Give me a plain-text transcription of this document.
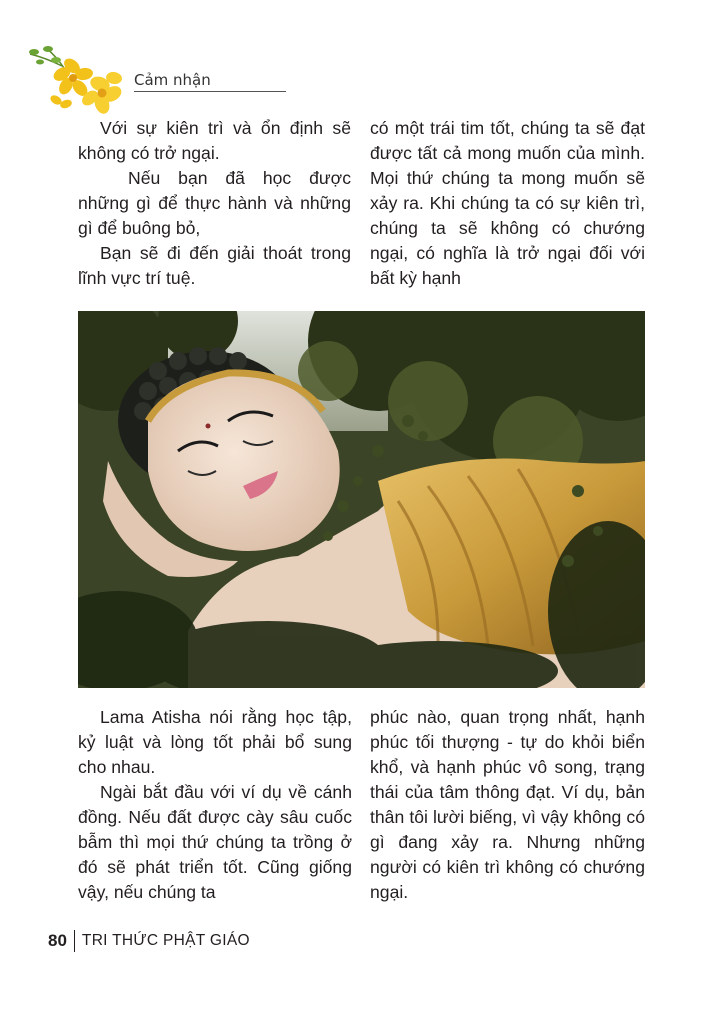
Cảm nhận

Với sự kiên trì và ổn định sẽ không có trở ngại.

Nếu bạn đã học được những gì để thực hành và những gì để buông bỏ,

Bạn sẽ đi đến giải thoát trong lĩnh vực trí tuệ.

có một trái tim tốt, chúng ta sẽ đạt được tất cả mong muốn của mình. Mọi thứ chúng ta mong muốn sẽ xảy ra. Khi chúng ta có sự kiên trì, chúng ta sẽ không có chướng ngại, có nghĩa là trở ngại đối với bất kỳ hạnh

Lama Atisha nói rằng học tập, kỷ luật và lòng tốt phải bổ sung cho nhau.

Ngài bắt đầu với ví dụ về cánh đồng. Nếu đất được cày sâu cuốc bẫm thì mọi thứ chúng ta trồng ở đó sẽ phát triển tốt. Cũng giống vậy, nếu chúng ta

phúc nào, quan trọng nhất, hạnh phúc tối thượng - tự do khỏi biển khổ, và hạnh phúc vô song, trạng thái của tâm thông đạt. Ví dụ, bản thân tôi lười biếng, vì vậy không có gì đang xảy ra. Nhưng những người có kiên trì không có chướng ngại.

80 TRI THỨC PHẬT GIÁO
